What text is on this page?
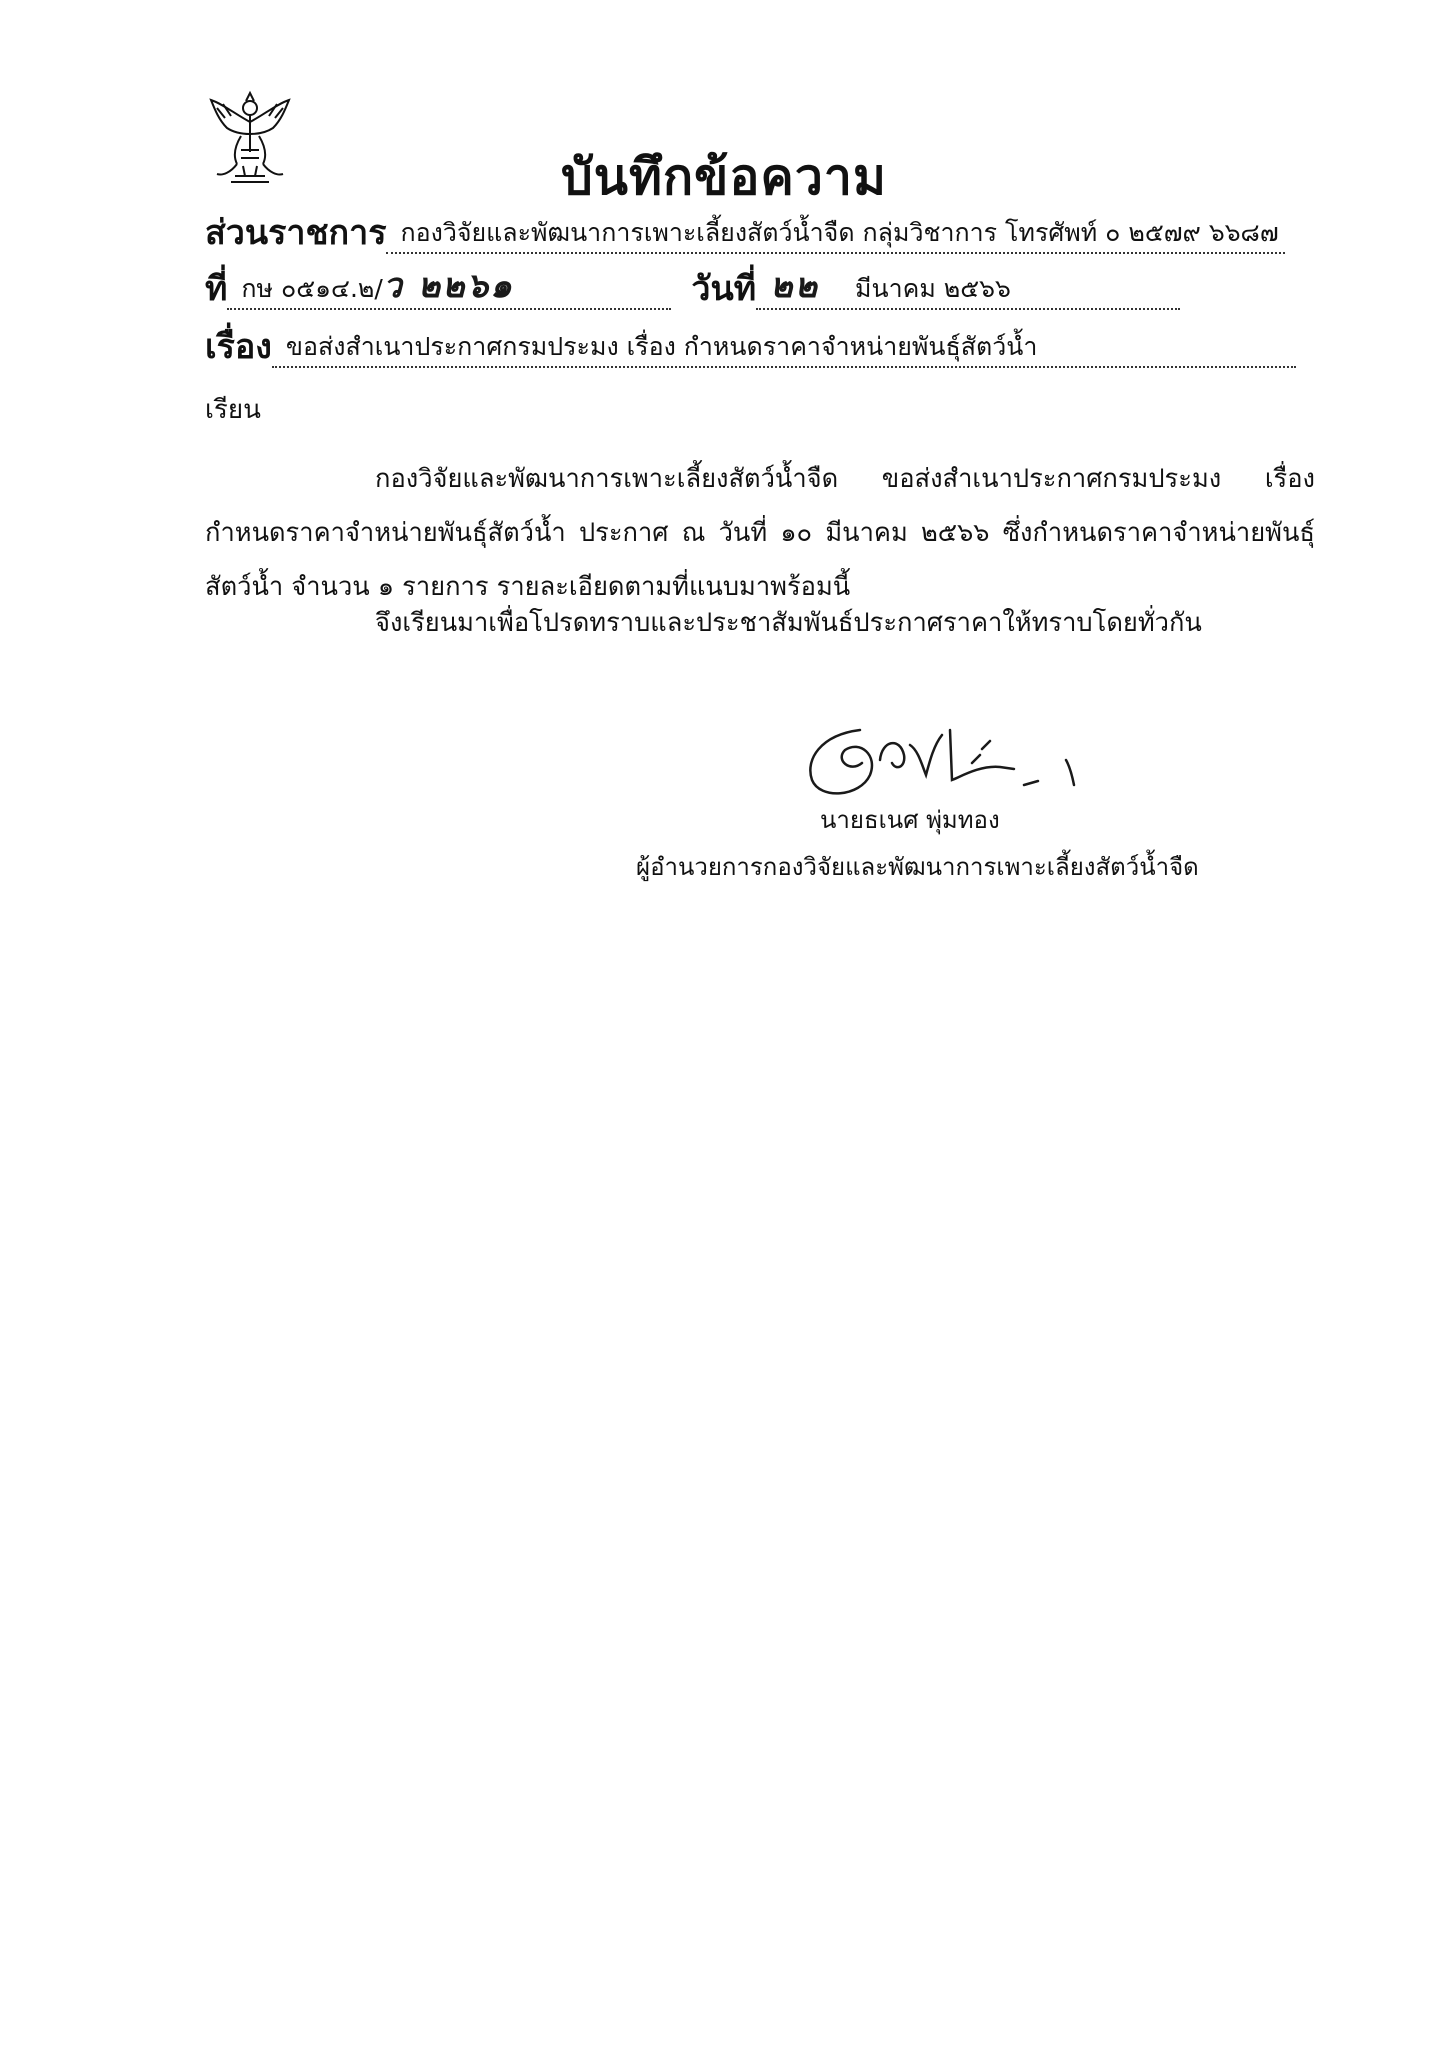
บันทึกข้อความ
ส่วนราชการ กองวิจัยและพัฒนาการเพาะเลี้ยงสัตว์น้ำจืด กลุ่มวิชาการ โทรศัพท์ ๐ ๒๕๗๙ ๖๖๘๗
ที่ กษ ๐๕๑๔.๒/ว ๒๒๖๑	วันที่ ๒๒ มีนาคม ๒๕๖๖
เรื่อง ขอส่งสำเนาประกาศกรมประมง เรื่อง กำหนดราคาจำหน่ายพันธุ์สัตว์น้ำ
เรียน
กองวิจัยและพัฒนาการเพาะเลี้ยงสัตว์น้ำจืด ขอส่งสำเนาประกาศกรมประมง เรื่อง กำหนดราคาจำหน่ายพันธุ์สัตว์น้ำ ประกาศ ณ วันที่ ๑๐ มีนาคม ๒๕๖๖ ซึ่งกำหนดราคาจำหน่ายพันธุ์สัตว์น้ำ จำนวน ๑ รายการ รายละเอียดตามที่แนบมาพร้อมนี้
จึงเรียนมาเพื่อโปรดทราบและประชาสัมพันธ์ประกาศราคาให้ทราบโดยทั่วกัน
นายธเนศ พุ่มทอง
ผู้อำนวยการกองวิจัยและพัฒนาการเพาะเลี้ยงสัตว์น้ำจืด
